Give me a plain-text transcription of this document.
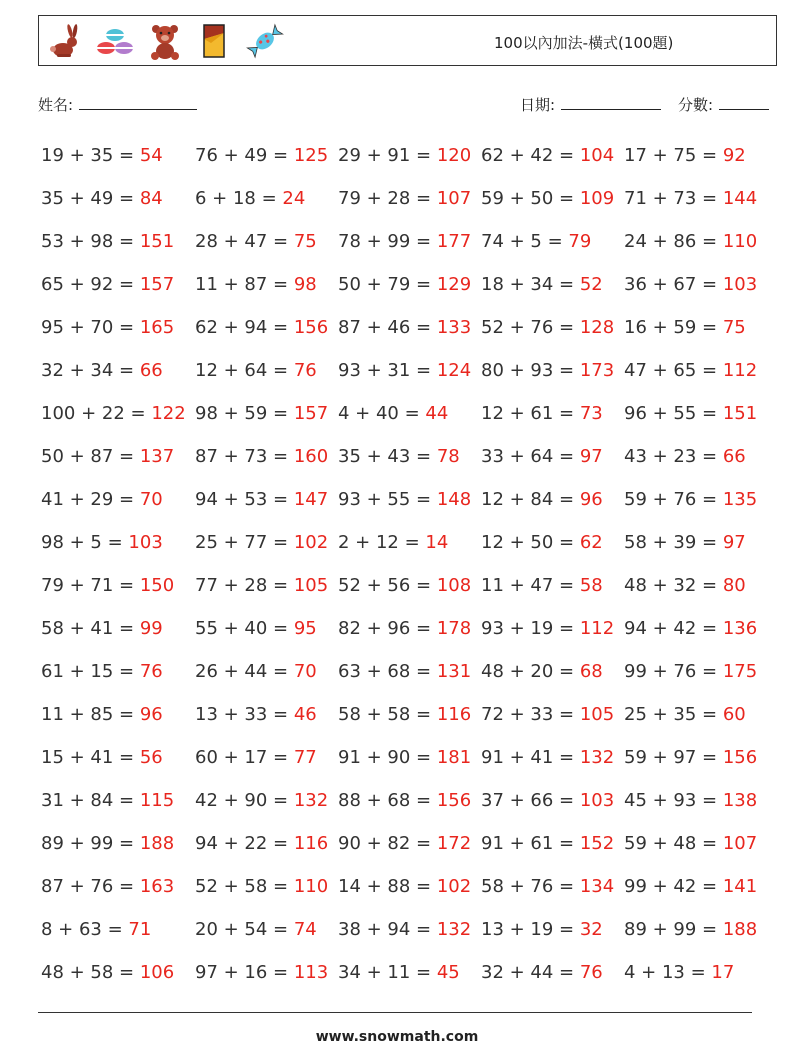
100以內加法-橫式(100題)
姓名:	日期:	分數:
19 + 35 = 54 76 + 49 = 125 29 + 91 = 120 62 + 42 = 104 17 + 75 = 92
35 + 49 = 84 6 + 18 = 24 79 + 28 = 107 59 + 50 = 109 71 + 73 = 144
53 + 98 = 151 28 + 47 = 75 78 + 99 = 177 74 + 5 = 79 24 + 86 = 110
65 + 92 = 157 11 + 87 = 98 50 + 79 = 129 18 + 34 = 52 36 + 67 = 103
95 + 70 = 165 62 + 94 = 156 87 + 46 = 133 52 + 76 = 128 16 + 59 = 75
32 + 34 = 66 12 + 64 = 76 93 + 31 = 124 80 + 93 = 173 47 + 65 = 112
100 + 22 = 122 98 + 59 = 157 4 + 40 = 44 12 + 61 = 73 96 + 55 = 151
50 + 87 = 137 87 + 73 = 160 35 + 43 = 78 33 + 64 = 97 43 + 23 = 66
41 + 29 = 70 94 + 53 = 147 93 + 55 = 148 12 + 84 = 96 59 + 76 = 135
98 + 5 = 103 25 + 77 = 102 2 + 12 = 14 12 + 50 = 62 58 + 39 = 97
79 + 71 = 150 77 + 28 = 105 52 + 56 = 108 11 + 47 = 58 48 + 32 = 80
58 + 41 = 99 55 + 40 = 95 82 + 96 = 178 93 + 19 = 112 94 + 42 = 136
61 + 15 = 76 26 + 44 = 70 63 + 68 = 131 48 + 20 = 68 99 + 76 = 175
11 + 85 = 96 13 + 33 = 46 58 + 58 = 116 72 + 33 = 105 25 + 35 = 60
15 + 41 = 56 60 + 17 = 77 91 + 90 = 181 91 + 41 = 132 59 + 97 = 156
31 + 84 = 115 42 + 90 = 132 88 + 68 = 156 37 + 66 = 103 45 + 93 = 138
89 + 99 = 188 94 + 22 = 116 90 + 82 = 172 91 + 61 = 152 59 + 48 = 107
87 + 76 = 163 52 + 58 = 110 14 + 88 = 102 58 + 76 = 134 99 + 42 = 141
8 + 63 = 71 20 + 54 = 74 38 + 94 = 132 13 + 19 = 32 89 + 99 = 188
48 + 58 = 106 97 + 16 = 113 34 + 11 = 45 32 + 44 = 76 4 + 13 = 17
www.snowmath.com
